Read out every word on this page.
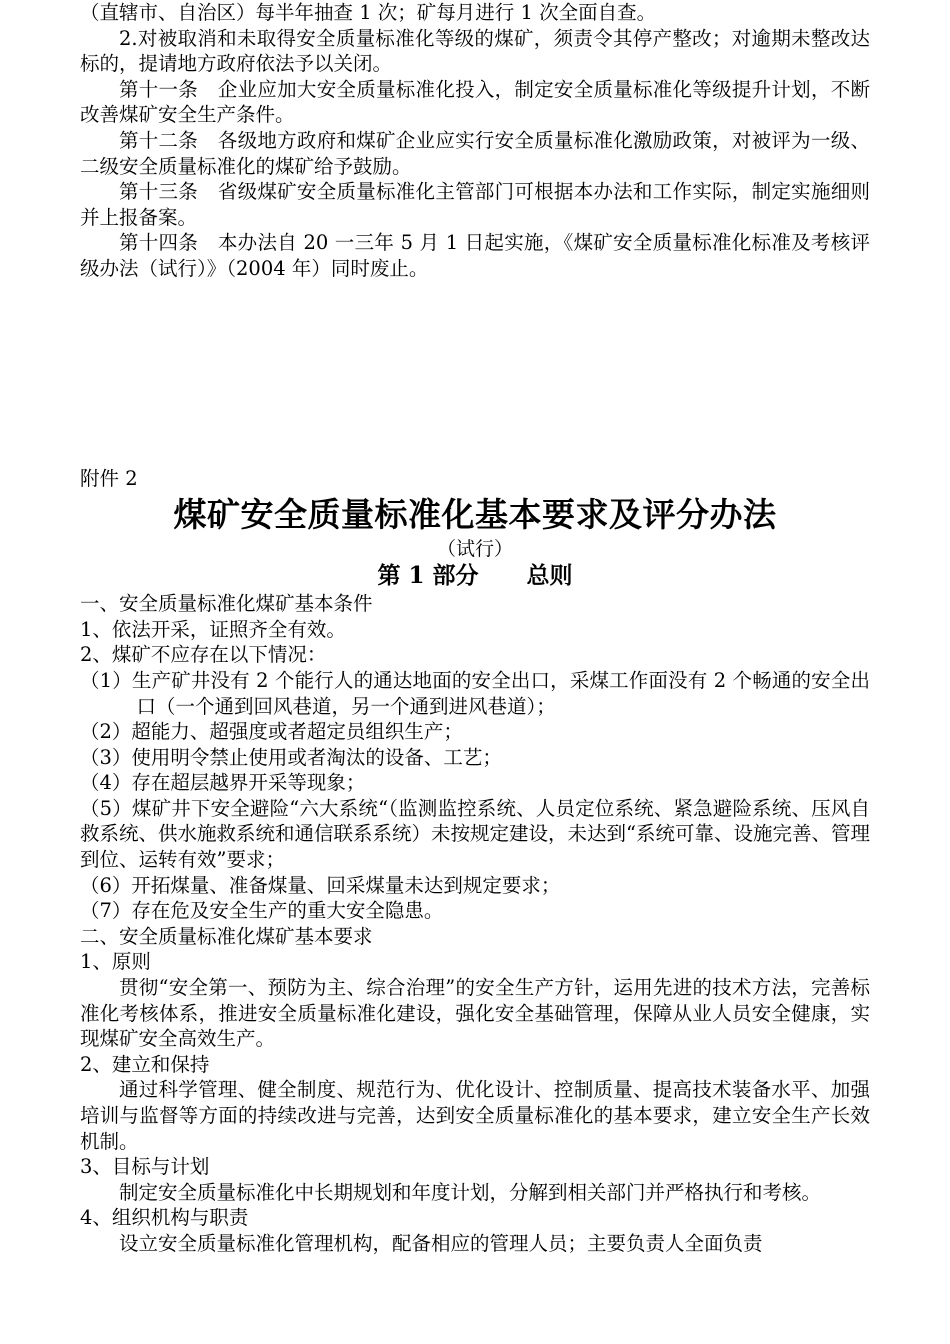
（直辖市、自治区）每半年抽查 1 次；矿每月进行 1 次全面自查。

2.对被取消和未取得安全质量标准化等级的煤矿，须责令其停产整改；对逾期未整改达标的，提请地方政府依法予以关闭。

第十一条　企业应加大安全质量标准化投入，制定安全质量标准化等级提升计划，不断改善煤矿安全生产条件。

第十二条　各级地方政府和煤矿企业应实行安全质量标准化激励政策，对被评为一级、二级安全质量标准化的煤矿给予鼓励。

第十三条　省级煤矿安全质量标准化主管部门可根据本办法和工作实际，制定实施细则并上报备案。

第十四条　本办法自 20 一三年 5 月 1 日起实施，《煤矿安全质量标准化标准及考核评级办法（试行）》（2004 年）同时废止。

附件 2

煤矿安全质量标准化基本要求及评分办法

（试行）

第 1 部分      总则

一、安全质量标准化煤矿基本条件

1、依法开采，证照齐全有效。

2、煤矿不应存在以下情况：

（1）生产矿井没有 2 个能行人的通达地面的安全出口，采煤工作面没有 2 个畅通的安全出口（一个通到回风巷道，另一个通到进风巷道）；

（2）超能力、超强度或者超定员组织生产；

（3）使用明令禁止使用或者淘汰的设备、工艺；

（4）存在超层越界开采等现象；

（5）煤矿井下安全避险“六大系统“（监测监控系统、人员定位系统、紧急避险系统、压风自救系统、供水施救系统和通信联系系统）未按规定建设，未达到“系统可靠、设施完善、管理到位、运转有效”要求；

（6）开拓煤量、准备煤量、回采煤量未达到规定要求；

（7）存在危及安全生产的重大安全隐患。

二、安全质量标准化煤矿基本要求

1、原则

贯彻“安全第一、预防为主、综合治理”的安全生产方针，运用先进的技术方法，完善标准化考核体系，推进安全质量标准化建设，强化安全基础管理，保障从业人员安全健康，实现煤矿安全高效生产。

2、建立和保持

通过科学管理、健全制度、规范行为、优化设计、控制质量、提高技术装备水平、加强培训与监督等方面的持续改进与完善，达到安全质量标准化的基本要求，建立安全生产长效机制。

3、目标与计划

制定安全质量标准化中长期规划和年度计划，分解到相关部门并严格执行和考核。

4、组织机构与职责

设立安全质量标准化管理机构，配备相应的管理人员；主要负责人全面负责
